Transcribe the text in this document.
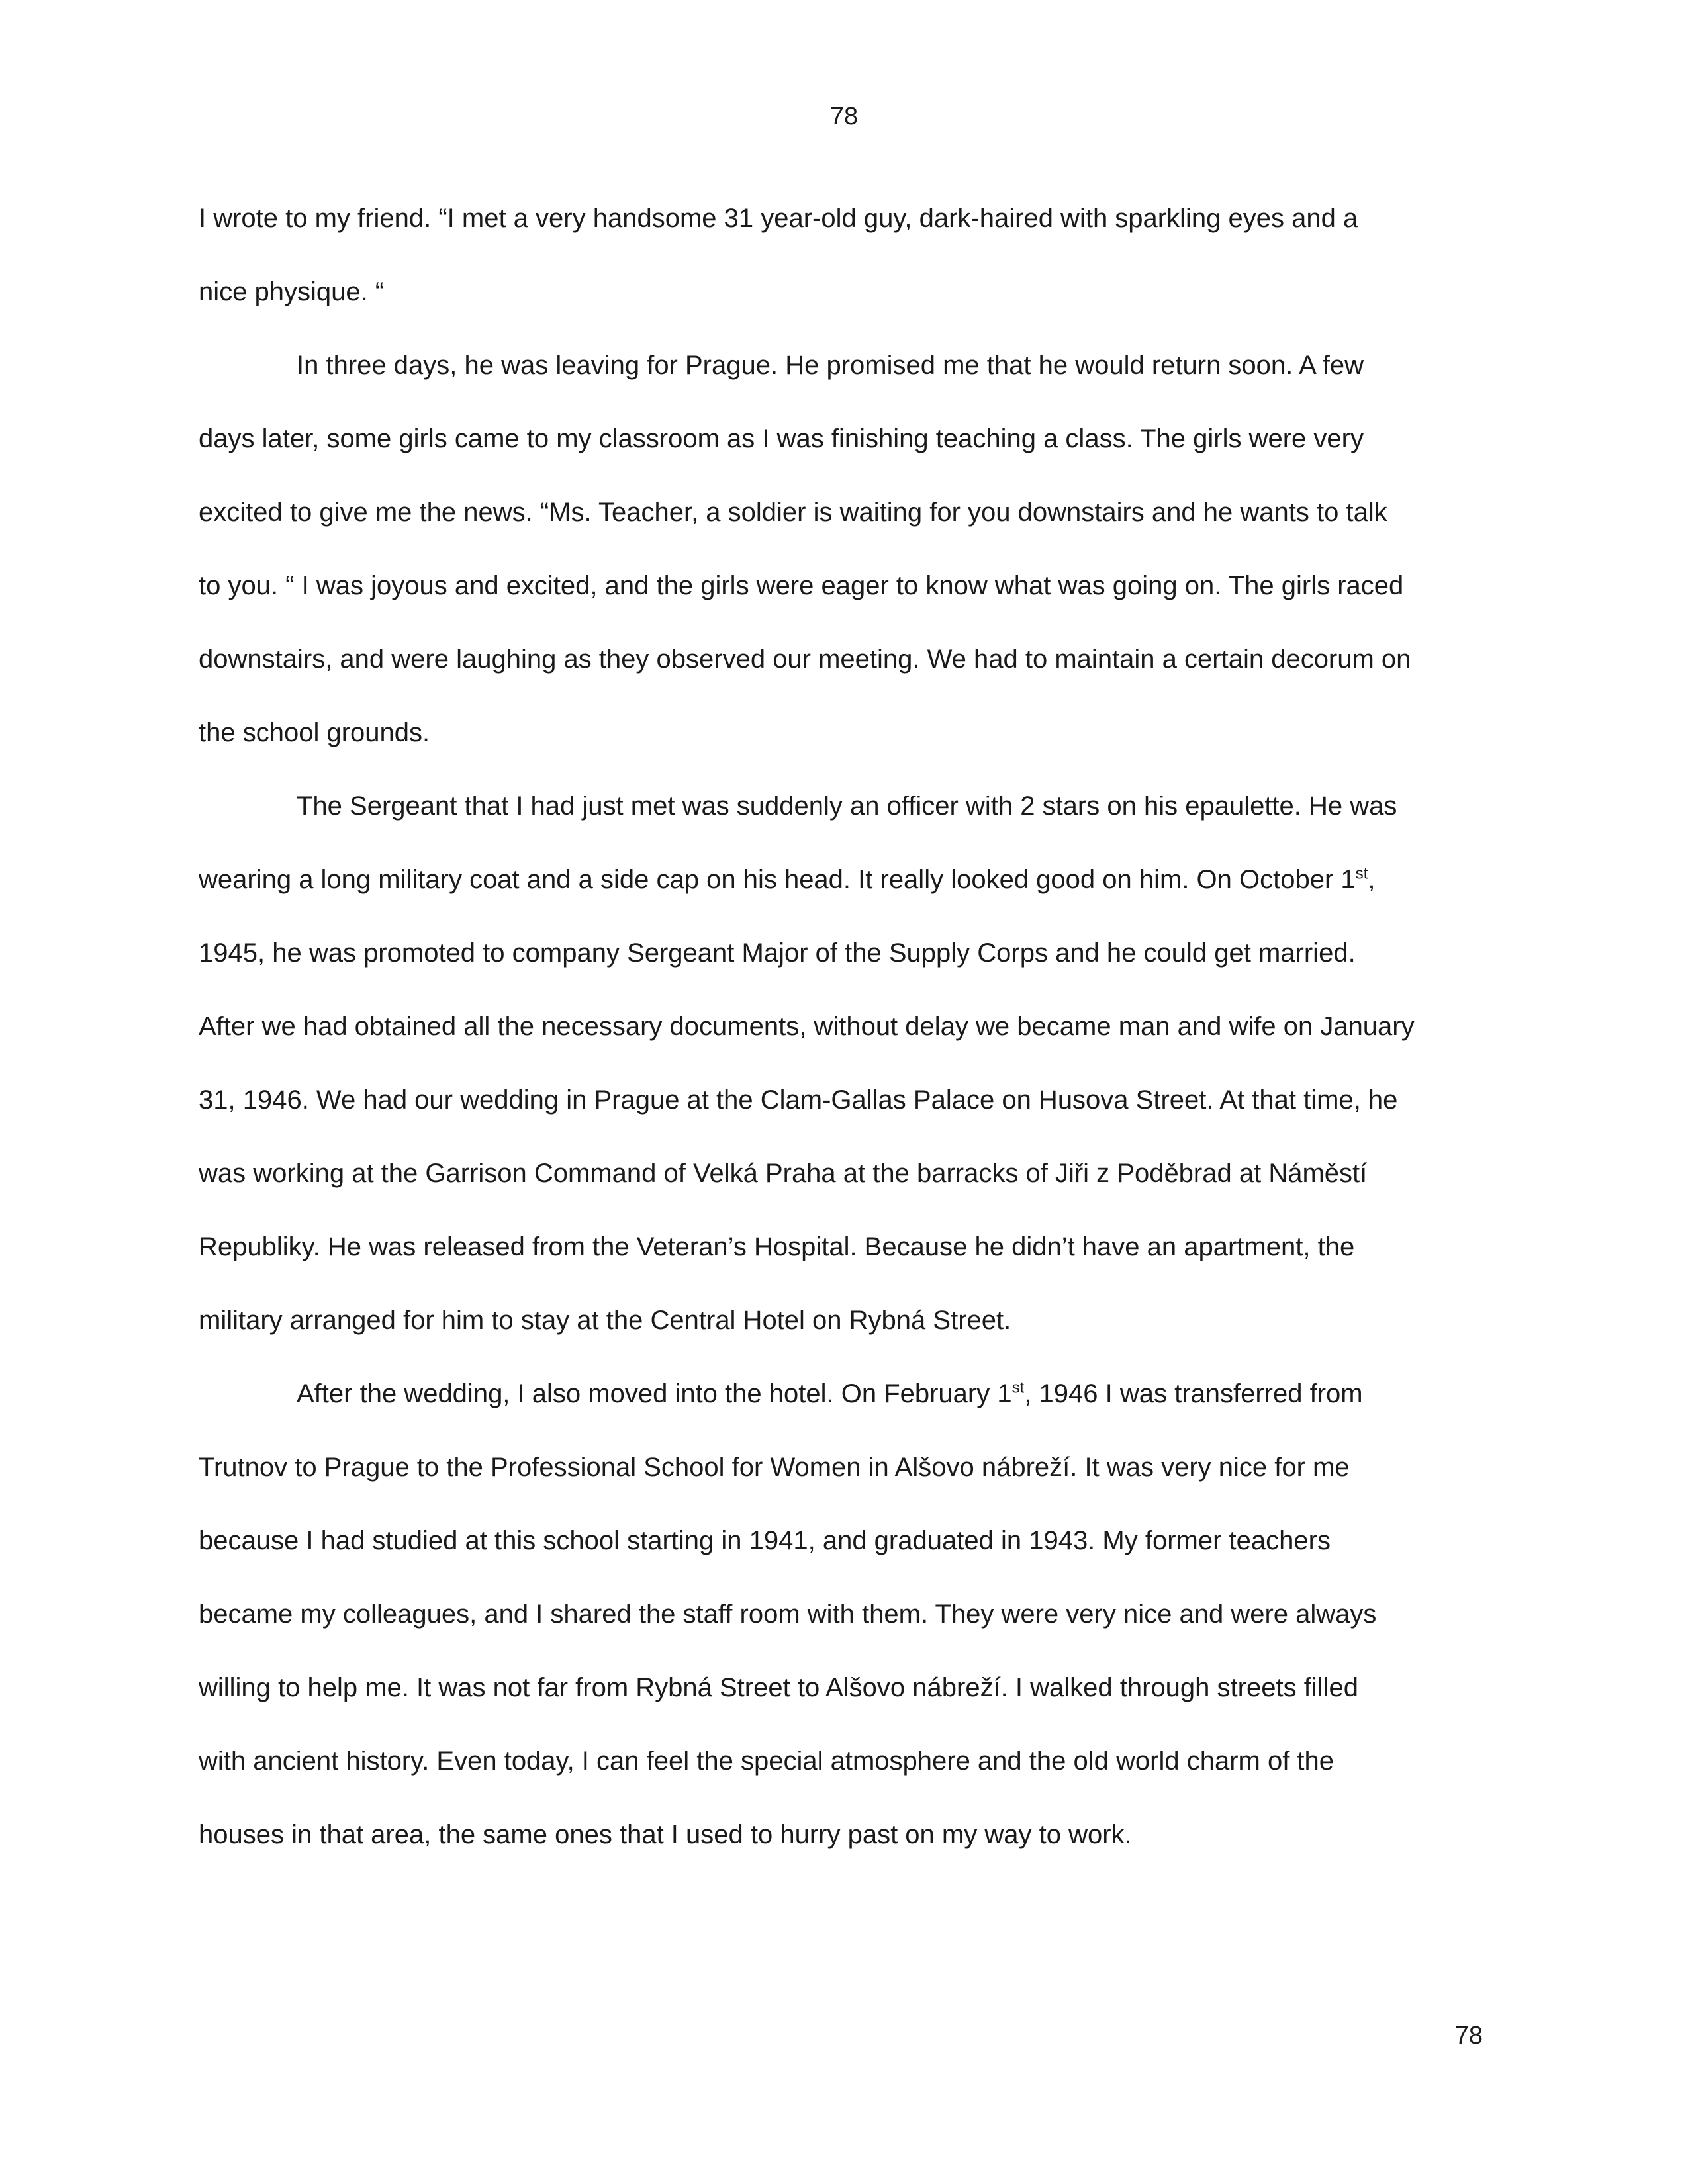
78
I wrote to my friend. “I met a very handsome 31 year-old guy, dark-haired with sparkling eyes and a
nice physique. “
In three days, he was leaving for Prague. He promised me that he would return soon. A few
days later, some girls came to my classroom as I was finishing teaching a class. The girls were very
excited to give me the news. “Ms. Teacher, a soldier is waiting for you downstairs and he wants to talk
to you. “ I was joyous and excited, and the girls were eager to know what was going on. The girls raced
downstairs, and were laughing as they observed our meeting. We had to maintain a certain decorum on
the school grounds.
The Sergeant that I had just met was suddenly an officer with 2 stars on his epaulette. He was
wearing a long military coat and a side cap on his head. It really looked good on him. On October 1st,
1945, he was promoted to company Sergeant Major of the Supply Corps and he could get married.
After we had obtained all the necessary documents, without delay we became man and wife on January
31, 1946. We had our wedding in Prague at the Clam-Gallas Palace on Husova Street. At that time, he
was working at the Garrison Command of Velká Praha at the barracks of Jiři z Poděbrad at Náměstí
Republiky. He was released from the Veteran’s Hospital. Because he didn’t have an apartment, the
military arranged for him to stay at the Central Hotel on Rybná Street.
After the wedding, I also moved into the hotel. On February 1st, 1946 I was transferred from
Trutnov to Prague to the Professional School for Women in Alšovo nábreží. It was very nice for me
because I had studied at this school starting in 1941, and graduated in 1943. My former teachers
became my colleagues, and I shared the staff room with them. They were very nice and were always
willing to help me. It was not far from Rybná Street to Alšovo nábreží. I walked through streets filled
with ancient history. Even today, I can feel the special atmosphere and the old world charm of the
houses in that area, the same ones that I used to hurry past on my way to work.
78
